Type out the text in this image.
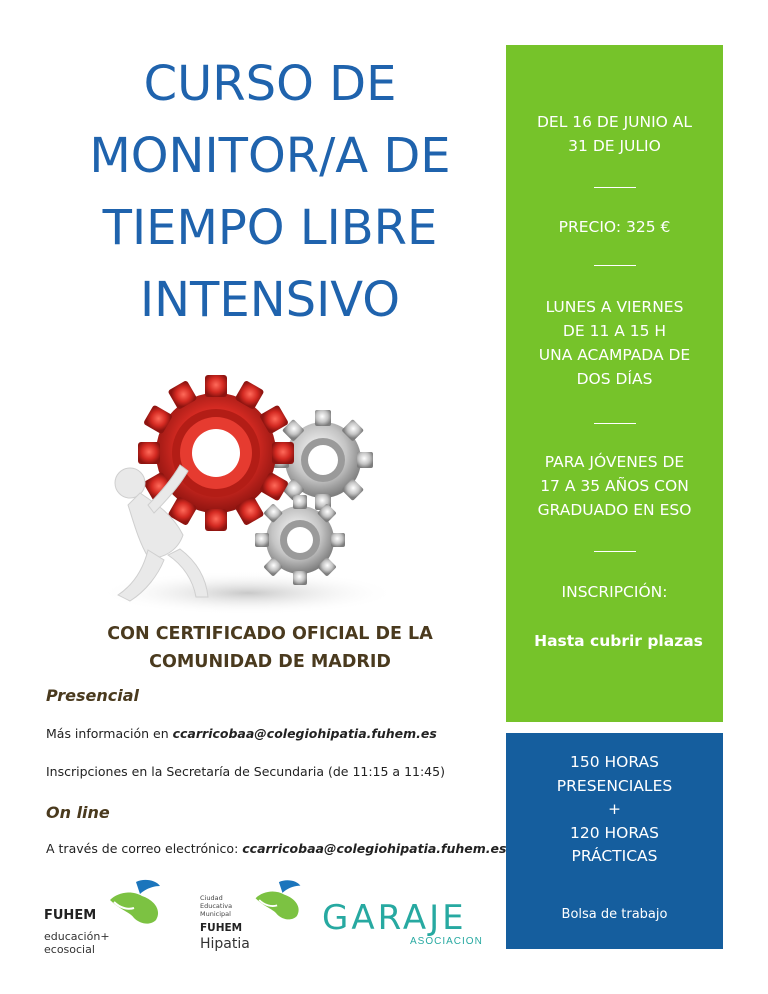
CURSO DE
MONITOR/A DE
TIEMPO LIBRE
INTENSIVO
CON CERTIFICADO OFICIAL DE LA
COMUNIDAD DE MADRID
Presencial
Más información en ccarricobaa@colegiohipatia.fuhem.es
Inscripciones en la Secretaría de Secundaria (de 11:15 a 11:45)
On line
A través de correo electrónico: ccarricobaa@colegiohipatia.fuhem.es
DEL 16 DE JUNIO AL
31 DE JULIO
PRECIO: 325 €
LUNES A VIERNES
DE 11 A 15 H
UNA ACAMPADA DE
DOS DÍAS
PARA JÓVENES DE
17 A 35 AÑOS CON
GRADUADO EN ESO
INSCRIPCIÓN:
Hasta cubrir plazas
150 HORAS
PRESENCIALES
+
120 HORAS
PRÁCTICAS
Bolsa de trabajo
FUHEM
educación+
ecosocial
Ciudad
Educativa
Municipal
FUHEM
Hipatia
GARAJE
ASOCIACION
